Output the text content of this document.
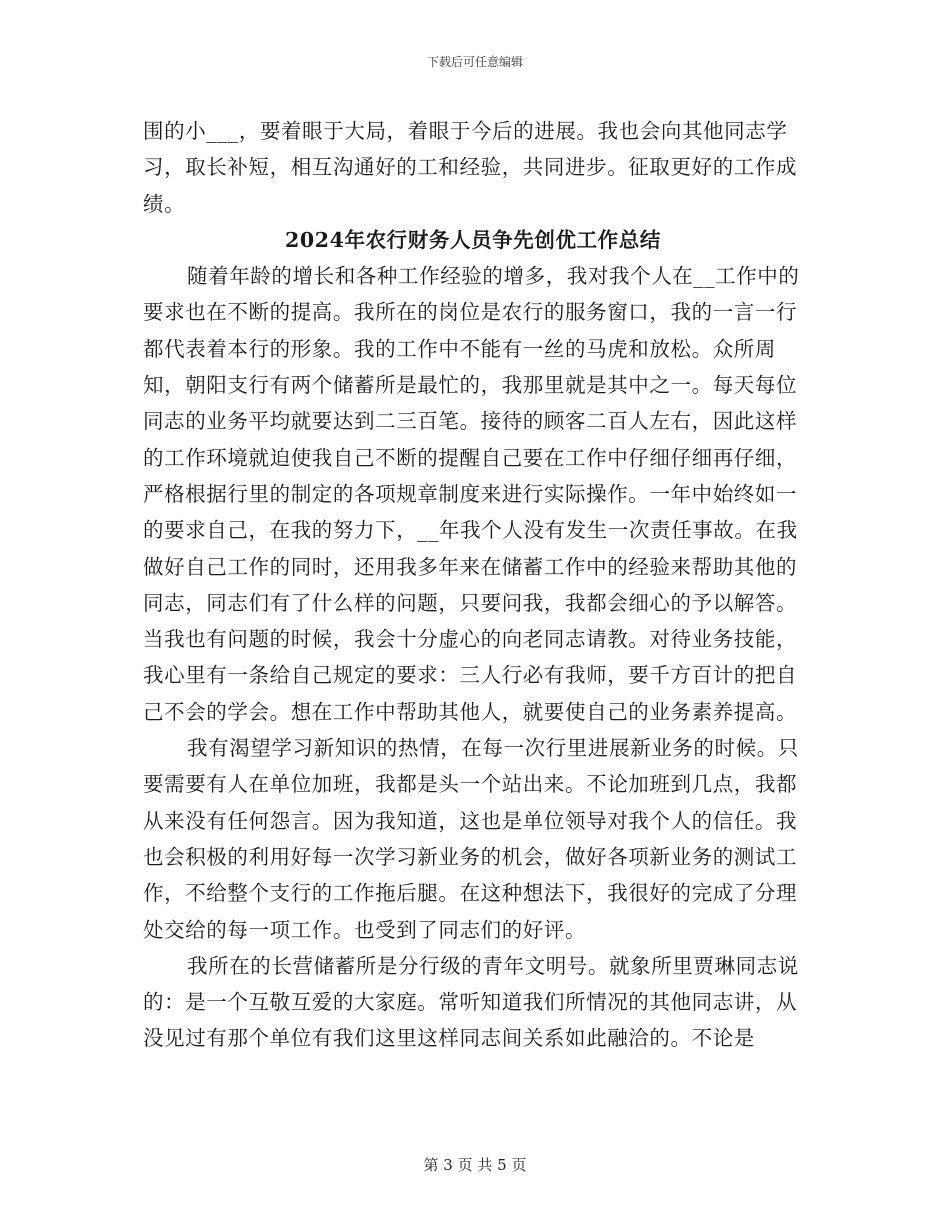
下载后可任意编辑

围的小___，要着眼于大局，着眼于今后的进展。我也会向其他同志学习，取长补短，相互沟通好的工和经验，共同进步。征取更好的工作成绩。

2024年农行财务人员争先创优工作总结

随着年龄的增长和各种工作经验的增多，我对我个人在__工作中的要求也在不断的提高。我所在的岗位是农行的服务窗口，我的一言一行都代表着本行的形象。我的工作中不能有一丝的马虎和放松。众所周知，朝阳支行有两个储蓄所是最忙的，我那里就是其中之一。每天每位同志的业务平均就要达到二三百笔。接待的顾客二百人左右，因此这样的工作环境就迫使我自己不断的提醒自己要在工作中仔细仔细再仔细，严格根据行里的制定的各项规章制度来进行实际操作。一年中始终如一的要求自己，在我的努力下，__年我个人没有发生一次责任事故。在我做好自己工作的同时，还用我多年来在储蓄工作中的经验来帮助其他的同志，同志们有了什么样的问题，只要问我，我都会细心的予以解答。当我也有问题的时候，我会十分虚心的向老同志请教。对待业务技能，我心里有一条给自己规定的要求：三人行必有我师，要千方百计的把自己不会的学会。想在工作中帮助其他人，就要使自己的业务素养提高。

我有渴望学习新知识的热情，在每一次行里进展新业务的时候。只要需要有人在单位加班，我都是头一个站出来。不论加班到几点，我都从来没有任何怨言。因为我知道，这也是单位领导对我个人的信任。我也会积极的利用好每一次学习新业务的机会，做好各项新业务的测试工作，不给整个支行的工作拖后腿。在这种想法下，我很好的完成了分理处交给的每一项工作。也受到了同志们的好评。

我所在的长营储蓄所是分行级的青年文明号。就象所里贾琳同志说的：是一个互敬互爱的大家庭。常听知道我们所情况的其他同志讲，从没见过有那个单位有我们这里这样同志间关系如此融洽的。不论是

第 3 页 共 5 页
